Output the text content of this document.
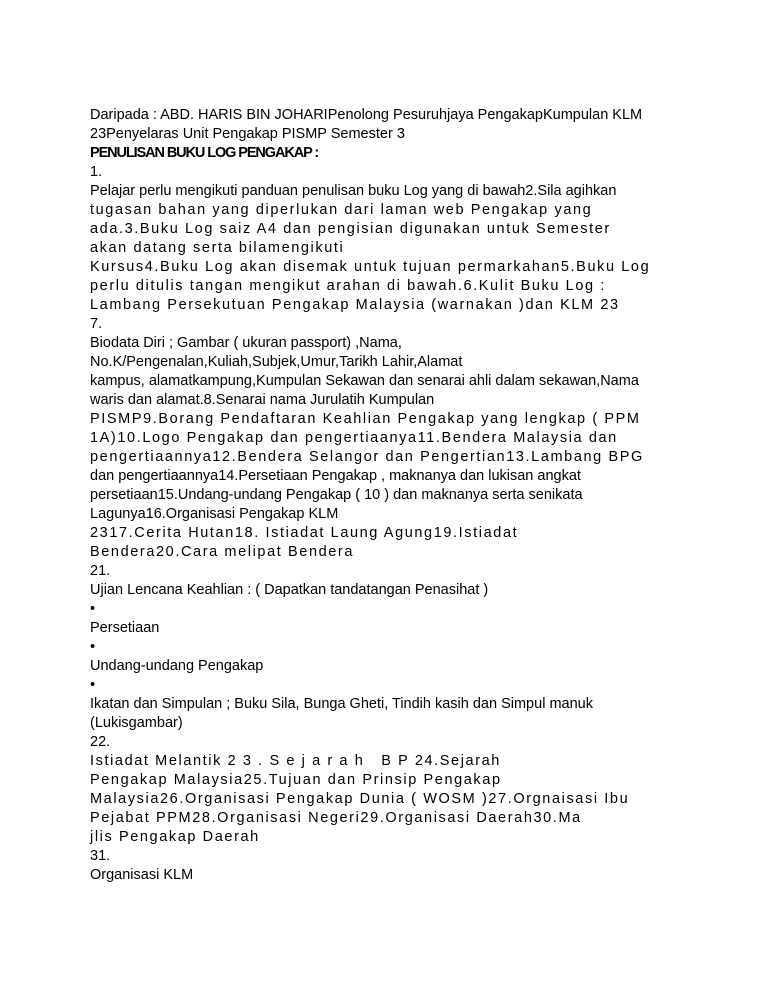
Daripada : ABD. HARIS BIN JOHARIPenolong Pesuruhjaya PengakapKumpulan KLM
23Penyelaras Unit Pengakap PISMP Semester 3
PENULISAN BUKU LOG PENGAKAP :
1.
Pelajar perlu mengikuti panduan penulisan buku Log yang di bawah2.Sila agihkan
tugasan bahan yang diperlukan dari laman web Pengakap yang
ada.3.Buku Log saiz A4 dan pengisian digunakan untuk Semester
akan datang serta bilamengikuti
Kursus4.Buku Log akan disemak untuk tujuan permarkahan5.Buku Log
perlu ditulis tangan mengikut arahan di bawah.6.Kulit Buku Log :
Lambang Persekutuan Pengakap Malaysia (warnakan )dan KLM 23
7.
Biodata Diri ; Gambar ( ukuran passport) ,Nama,
No.K/Pengenalan,Kuliah,Subjek,Umur,Tarikh Lahir,Alamat
kampus, alamatkampung,Kumpulan Sekawan dan senarai ahli dalam sekawan,Nama
waris dan alamat.8.Senarai nama Jurulatih Kumpulan
PISMP9.Borang Pendaftaran Keahlian Pengakap yang lengkap ( PPM
1A)10.Logo Pengakap dan pengertiaanya11.Bendera Malaysia dan
pengertiaannya12.Bendera Selangor dan Pengertian13.Lambang BPG
dan pengertiaannya14.Persetiaan Pengakap , maknanya dan lukisan angkat
persetiaan15.Undang-undang Pengakap ( 10 ) dan maknanya serta senikata
Lagunya16.Organisasi Pengakap KLM
2317.Cerita Hutan18. Istiadat Laung Agung19.Istiadat
Bendera20.Cara melipat Bendera
21.
Ujian Lencana Keahlian : ( Dapatkan tandatangan Penasihat )
•
Persetiaan
•
Undang-undang Pengakap
•
Ikatan dan Simpulan ; Buku Sila, Bunga Gheti, Tindih kasih dan Simpul manuk
(Lukisgambar)
22.
Istiadat Melantik 2 3 . S e j a r a h   B P 24.Sejarah
Pengakap Malaysia25.Tujuan dan Prinsip Pengakap
Malaysia26.Organisasi Pengakap Dunia ( WOSM )27.Orgnaisasi Ibu
Pejabat PPM28.Organisasi Negeri29.Organisasi Daerah30.Ma
jlis Pengakap Daerah
31.
Organisasi KLM
